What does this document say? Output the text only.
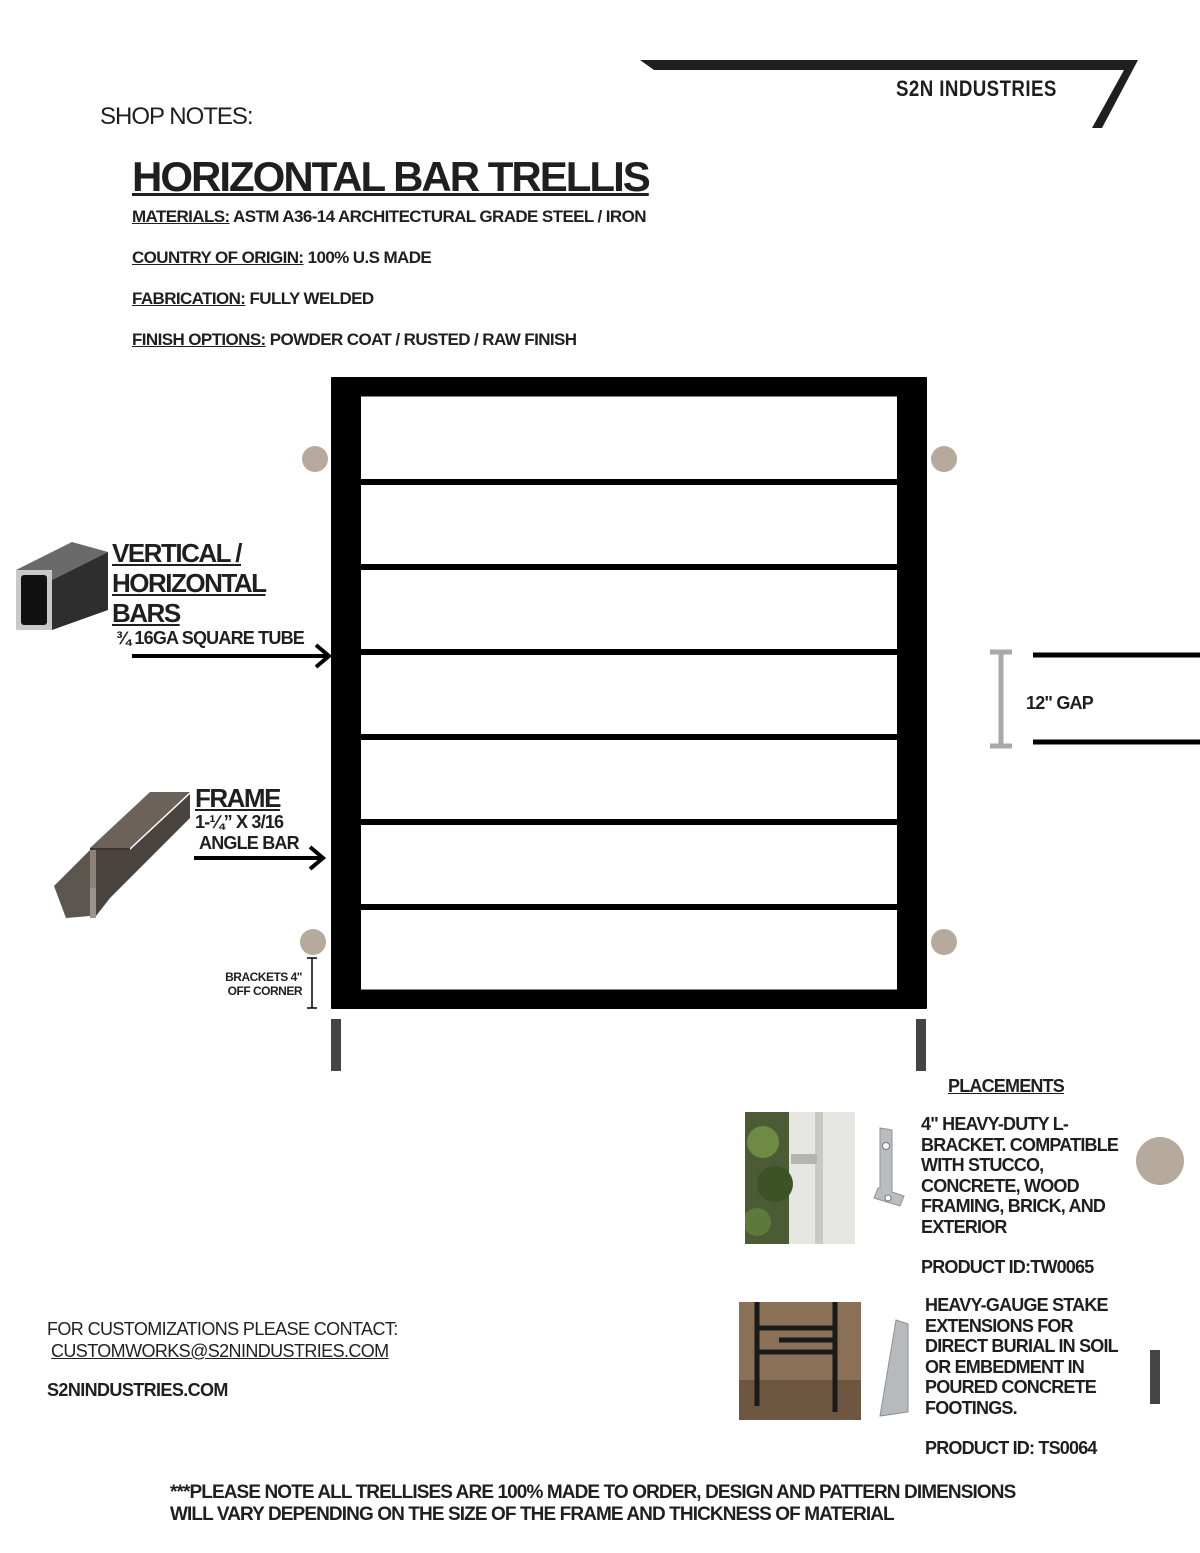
S2N INDUSTRIES
SHOP NOTES:
HORIZONTAL BAR TRELLIS
MATERIALS: ASTM A36-14 ARCHITECTURAL GRADE STEEL / IRON
COUNTRY OF ORIGIN: 100% U.S MADE
FABRICATION: FULLY WELDED
FINISH OPTIONS: POWDER COAT / RUSTED / RAW FINISH
VERTICAL /
HORIZONTAL
BARS
¾ 16GA SQUARE TUBE
FRAME
1-¼” X 3/16
ANGLE BAR
BRACKETS 4"
OFF CORNER
12" GAP
PLACEMENTS
4" HEAVY-DUTY L-
BRACKET. COMPATIBLE
WITH STUCCO,
CONCRETE, WOOD
FRAMING, BRICK, AND
EXTERIOR
PRODUCT ID:TW0065
HEAVY-GAUGE STAKE
EXTENSIONS FOR
DIRECT BURIAL IN SOIL
OR EMBEDMENT IN
POURED CONCRETE
FOOTINGS.
PRODUCT ID: TS0064
FOR CUSTOMIZATIONS PLEASE CONTACT:
CUSTOMWORKS@S2NINDUSTRIES.COM
S2NINDUSTRIES.COM
***PLEASE NOTE ALL TRELLISES ARE 100% MADE TO ORDER, DESIGN AND PATTERN DIMENSIONS
WILL VARY DEPENDING ON THE SIZE OF THE FRAME AND THICKNESS OF MATERIAL
